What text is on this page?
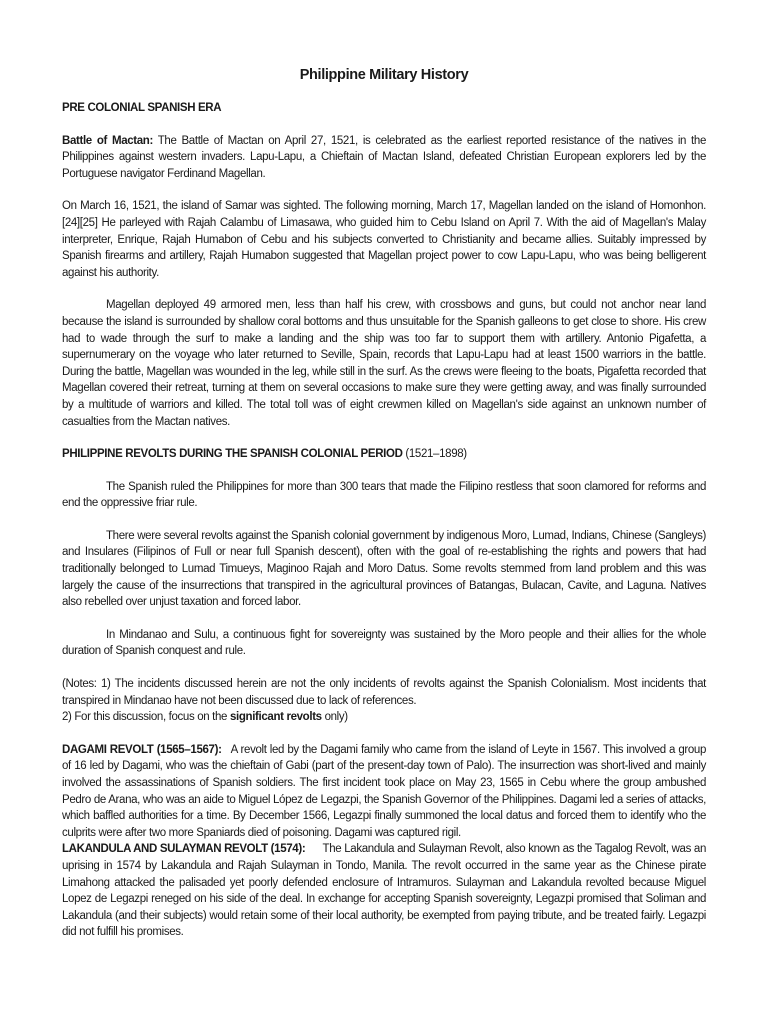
Philippine Military History
PRE COLONIAL SPANISH ERA

Battle of Mactan: The Battle of Mactan on April 27, 1521, is celebrated as the earliest reported resistance of the natives in the Philippines against western invaders. Lapu-Lapu, a Chieftain of Mactan Island, defeated Christian European explorers led by the Portuguese navigator Ferdinand Magellan.

On March 16, 1521, the island of Samar was sighted. The following morning, March 17, Magellan landed on the island of Homonhon.[24][25] He parleyed with Rajah Calambu of Limasawa, who guided him to Cebu Island on April 7. With the aid of Magellan's Malay interpreter, Enrique, Rajah Humabon of Cebu and his subjects converted to Christianity and became allies. Suitably impressed by Spanish firearms and artillery, Rajah Humabon suggested that Magellan project power to cow Lapu-Lapu, who was being belligerent against his authority.

Magellan deployed 49 armored men, less than half his crew, with crossbows and guns, but could not anchor near land because the island is surrounded by shallow coral bottoms and thus unsuitable for the Spanish galleons to get close to shore. His crew had to wade through the surf to make a landing and the ship was too far to support them with artillery. Antonio Pigafetta, a supernumerary on the voyage who later returned to Seville, Spain, records that Lapu-Lapu had at least 1500 warriors in the battle. During the battle, Magellan was wounded in the leg, while still in the surf. As the crews were fleeing to the boats, Pigafetta recorded that Magellan covered their retreat, turning at them on several occasions to make sure they were getting away, and was finally surrounded by a multitude of warriors and killed. The total toll was of eight crewmen killed on Magellan's side against an unknown number of casualties from the Mactan natives.

PHILIPPINE REVOLTS DURING THE SPANISH COLONIAL PERIOD (1521–1898)

The Spanish ruled the Philippines for more than 300 tears that made the Filipino restless that soon clamored for reforms and end the oppressive friar rule.

There were several revolts against the Spanish colonial government by indigenous Moro, Lumad, Indians, Chinese (Sangleys) and Insulares (Filipinos of Full or near full Spanish descent), often with the goal of re-establishing the rights and powers that had traditionally belonged to Lumad Timueys, Maginoo Rajah and Moro Datus. Some revolts stemmed from land problem and this was largely the cause of the insurrections that transpired in the agricultural provinces of Batangas, Bulacan, Cavite, and Laguna. Natives also rebelled over unjust taxation and forced labor.

In Mindanao and Sulu, a continuous fight for sovereignty was sustained by the Moro people and their allies for the whole duration of Spanish conquest and rule.

(Notes: 1) The incidents discussed herein are not the only incidents of revolts against the Spanish Colonialism. Most incidents that transpired in Mindanao have not been discussed due to lack of references.

2) For this discussion, focus on the significant revolts only)

DAGAMI REVOLT (1565–1567):   A revolt led by the Dagami family who came from the island of Leyte in 1567. This involved a group of 16 led by Dagami, who was the chieftain of Gabi (part of the present-day town of Palo). The insurrection was short-lived and mainly involved the assassinations of Spanish soldiers. The first incident took place on May 23, 1565 in Cebu where the group ambushed Pedro de Arana, who was an aide to Miguel López de Legazpi, the Spanish Governor of the Philippines. Dagami led a series of attacks, which baffled authorities for a time. By December 1566, Legazpi finally summoned the local datus and forced them to identify who the culprits were after two more Spaniards died of poisoning. Dagami was captured rigil.

LAKANDULA AND SULAYMAN REVOLT (1574):      The Lakandula and Sulayman Revolt, also known as the Tagalog Revolt, was an uprising in 1574 by Lakandula and Rajah Sulayman in Tondo, Manila. The revolt occurred in the same year as the Chinese pirate Limahong attacked the palisaded yet poorly defended enclosure of Intramuros. Sulayman and Lakandula revolted because Miguel Lopez de Legazpi reneged on his side of the deal. In exchange for accepting Spanish sovereignty, Legazpi promised that Soliman and Lakandula (and their subjects) would retain some of their local authority, be exempted from paying tribute, and be treated fairly. Legazpi did not fulfill his promises.
